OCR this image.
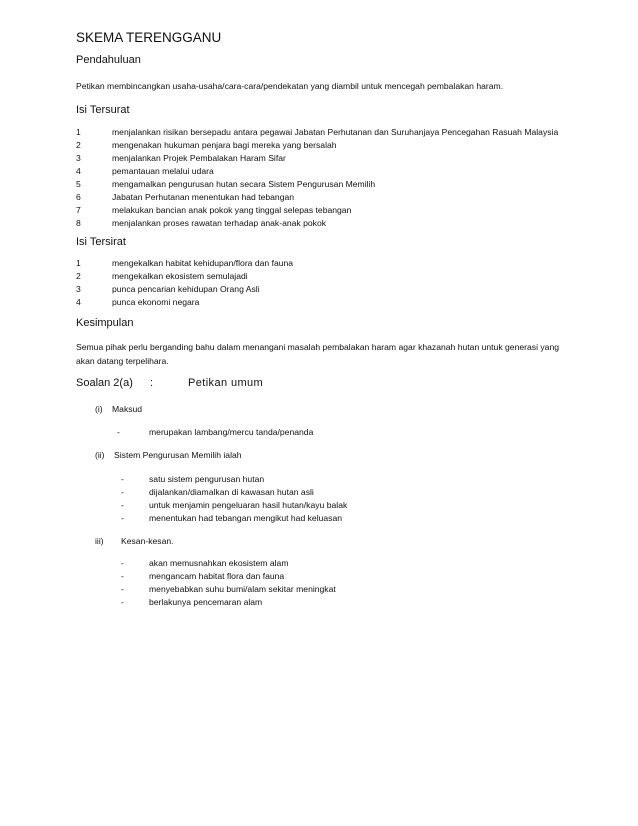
SKEMA TERENGGANU
Pendahuluan
Petikan membincangkan usaha-usaha/cara-cara/pendekatan yang diambil untuk mencegah pembalakan haram.
Isi Tersurat
1	menjalankan risikan bersepadu antara pegawai Jabatan Perhutanan dan Suruhanjaya Pencegahan Rasuah Malaysia
2	mengenakan hukuman penjara bagi mereka yang bersalah
3	menjalankan Projek Pembalakan Haram Sifar
4	pemantauan melalui udara
5	mengamalkan pengurusan hutan secara Sistem Pengurusan Memilih
6	Jabatan Perhutanan menentukan had tebangan
7	melakukan bancian anak pokok yang tinggal selepas tebangan
8	menjalankan proses rawatan terhadap anak-anak pokok
Isi Tersirat
1	mengekalkan habitat kehidupan/flora dan fauna
2	mengekalkan ekosistem semulajadi
3	punca pencarian kehidupan Orang Asli
4	punca ekonomi negara
Kesimpulan
Semua pihak perlu berganding bahu dalam menangani masalah pembalakan haram agar khazanah hutan untuk generasi yang
akan datang terpelihara.
Soalan 2(a) :	Petikan umum
(i) Maksud
-	merupakan lambang/mercu tanda/penanda
(ii) Sistem Pengurusan Memilih ialah
-	satu sistem pengurusan hutan
-	dijalankan/diamalkan di kawasan hutan asli
-	untuk menjamin pengeluaran hasil hutan/kayu balak
-	menentukan had tebangan mengikut had keluasan
iii) Kesan-kesan.
-	akan memusnahkan ekosistem alam
-	mengancam habitat flora dan fauna
-	menyebabkan suhu bumi/alam sekitar meningkat
-	berlakunya pencemaran alam
